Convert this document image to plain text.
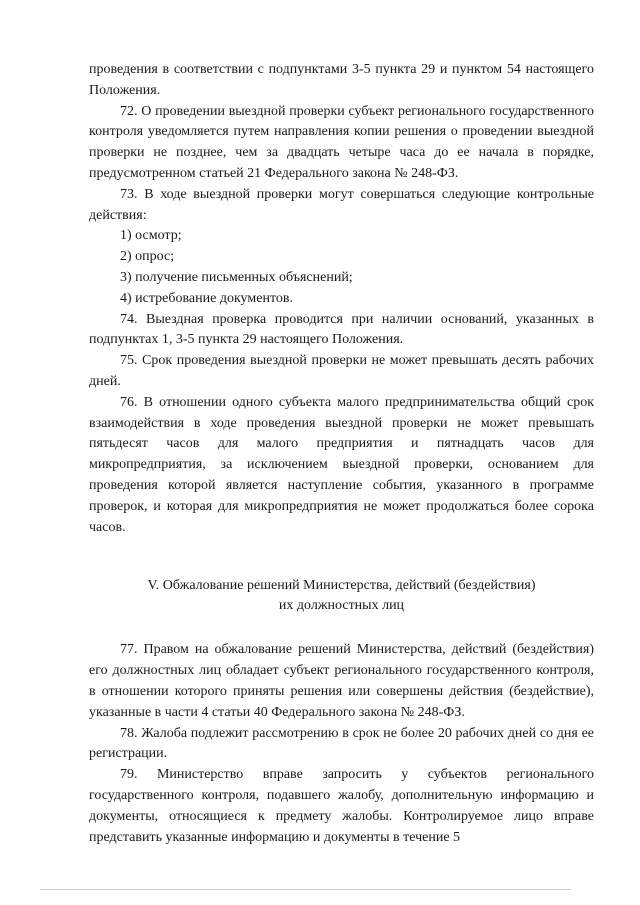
проведения в соответствии с подпунктами 3-5 пункта 29 и пунктом 54 настоящего Положения.

72. О проведении выездной проверки субъект регионального государственного контроля уведомляется путем направления копии решения о проведении выездной проверки не позднее, чем за двадцать четыре часа до ее начала в порядке, предусмотренном статьей 21 Федерального закона № 248-ФЗ.

73. В ходе выездной проверки могут совершаться следующие контрольные действия:

1) осмотр;

2) опрос;

3) получение письменных объяснений;

4) истребование документов.

74. Выездная проверка проводится при наличии оснований, указанных в подпунктах 1, 3-5 пункта 29 настоящего Положения.

75. Срок проведения выездной проверки не может превышать десять рабочих дней.

76. В отношении одного субъекта малого предпринимательства общий срок взаимодействия в ходе проведения выездной проверки не может превышать пятьдесят часов для малого предприятия и пятнадцать часов для микропредприятия, за исключением выездной проверки, основанием для проведения которой является наступление события, указанного в программе проверок, и которая для микропредприятия не может продолжаться более сорока часов.

V. Обжалование решений Министерства, действий (бездействия)
их должностных лиц

77. Правом на обжалование решений Министерства, действий (бездействия) его должностных лиц обладает субъект регионального государственного контроля, в отношении которого приняты решения или совершены действия (бездействие), указанные в части 4 статьи 40 Федерального закона № 248-ФЗ.

78. Жалоба подлежит рассмотрению в срок не более 20 рабочих дней со дня ее регистрации.

79. Министерство вправе запросить у субъектов регионального государственного контроля, подавшего жалобу, дополнительную информацию и документы, относящиеся к предмету жалобы. Контролируемое лицо вправе представить указанные информацию и документы в течение 5
